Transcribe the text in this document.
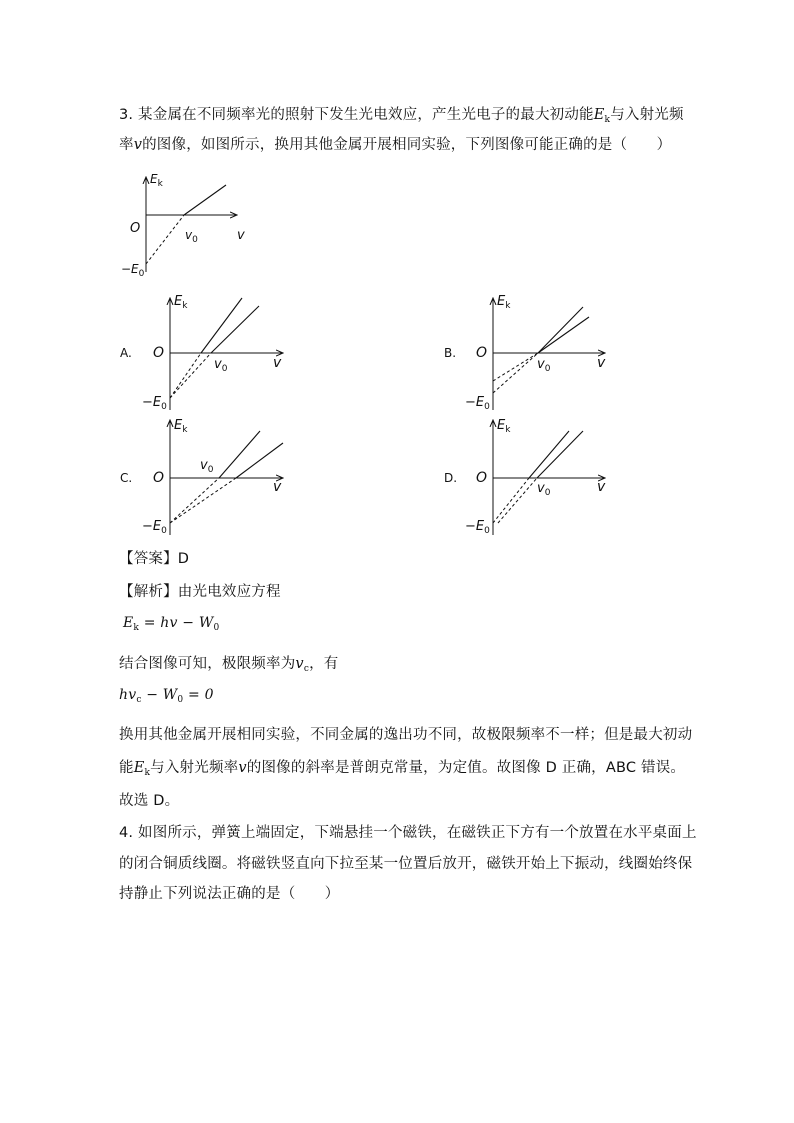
3. 某金属在不同频率光的照射下发生光电效应，产生光电子的最大初动能$E_k$与入射光频
率v的图像，如图所示，换用其他金属开展相同实验，下列图像可能正确的是（　　）
$E_k$
O	$v_0$	v
$-E_0$
A.
$E_k$
O
$v_0$	v
$-E_0$
B.
$E_k$
O
$v_0$	v
$-E_0$
C.
$E_k$
O
$v_0$
v
$-E_0$
D.
$E_k$
O
$v_0$	v
$-E_0$
【答案】D
【解析】由光电效应方程
$E_k$ = hv − $W_0$
结合图像可知，极限频率为$v_c$，有
$hv_c - W_0 = 0$
换用其他金属开展相同实验，不同金属的逸出功不同，故极限频率不一样；但是最大初动
能$E_k$与入射光频率v的图像的斜率是普朗克常量，为定值。故图像 D 正确，ABC 错误。
故选 D。
4. 如图所示，弹簧上端固定，下端悬挂一个磁铁，在磁铁正下方有一个放置在水平桌面上
的闭合铜质线圈。将磁铁竖直向下拉至某一位置后放开，磁铁开始上下振动，线圈始终保
持静止下列说法正确的是（　　）
